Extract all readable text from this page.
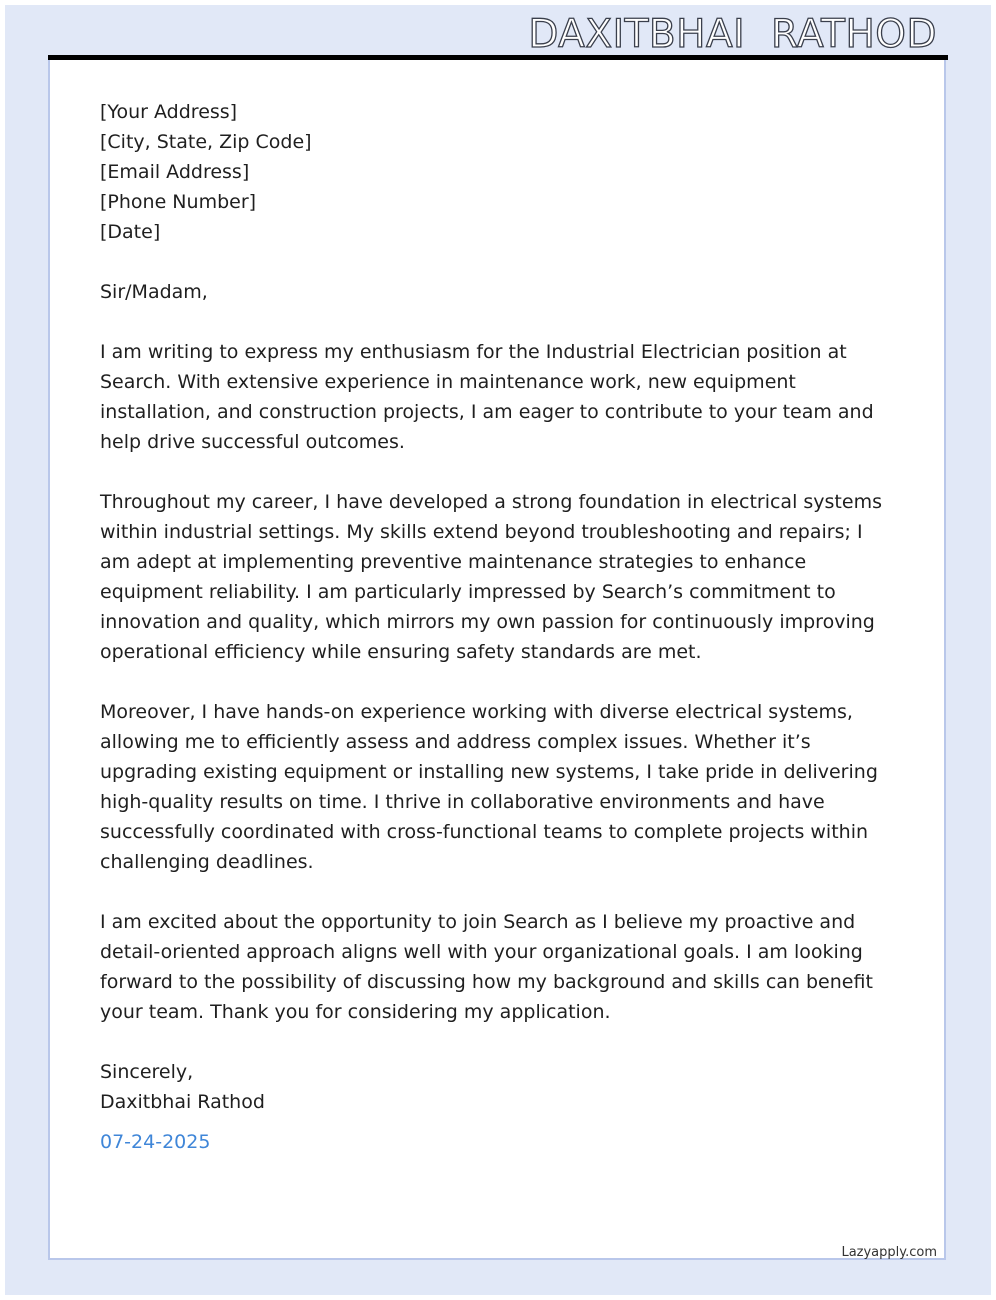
DAXITBHAI  RATHOD
[Your Address]
[City, State, Zip Code]
[Email Address]
[Phone Number]
[Date]

Sir/Madam,

I am writing to express my enthusiasm for the Industrial Electrician position at Search. With extensive experience in maintenance work, new equipment installation, and construction projects, I am eager to contribute to your team and help drive successful outcomes.

Throughout my career, I have developed a strong foundation in electrical systems within industrial settings. My skills extend beyond troubleshooting and repairs; I am adept at implementing preventive maintenance strategies to enhance equipment reliability. I am particularly impressed by Search’s commitment to innovation and quality, which mirrors my own passion for continuously improving operational efficiency while ensuring safety standards are met.

Moreover, I have hands-on experience working with diverse electrical systems, allowing me to efficiently assess and address complex issues. Whether it’s upgrading existing equipment or installing new systems, I take pride in delivering high-quality results on time. I thrive in collaborative environments and have successfully coordinated with cross-functional teams to complete projects within challenging deadlines.

I am excited about the opportunity to join Search as I believe my proactive and detail-oriented approach aligns well with your organizational goals. I am looking forward to the possibility of discussing how my background and skills can benefit your team. Thank you for considering my application.

Sincerely,
Daxitbhai Rathod
07-24-2025
Lazyapply.com
